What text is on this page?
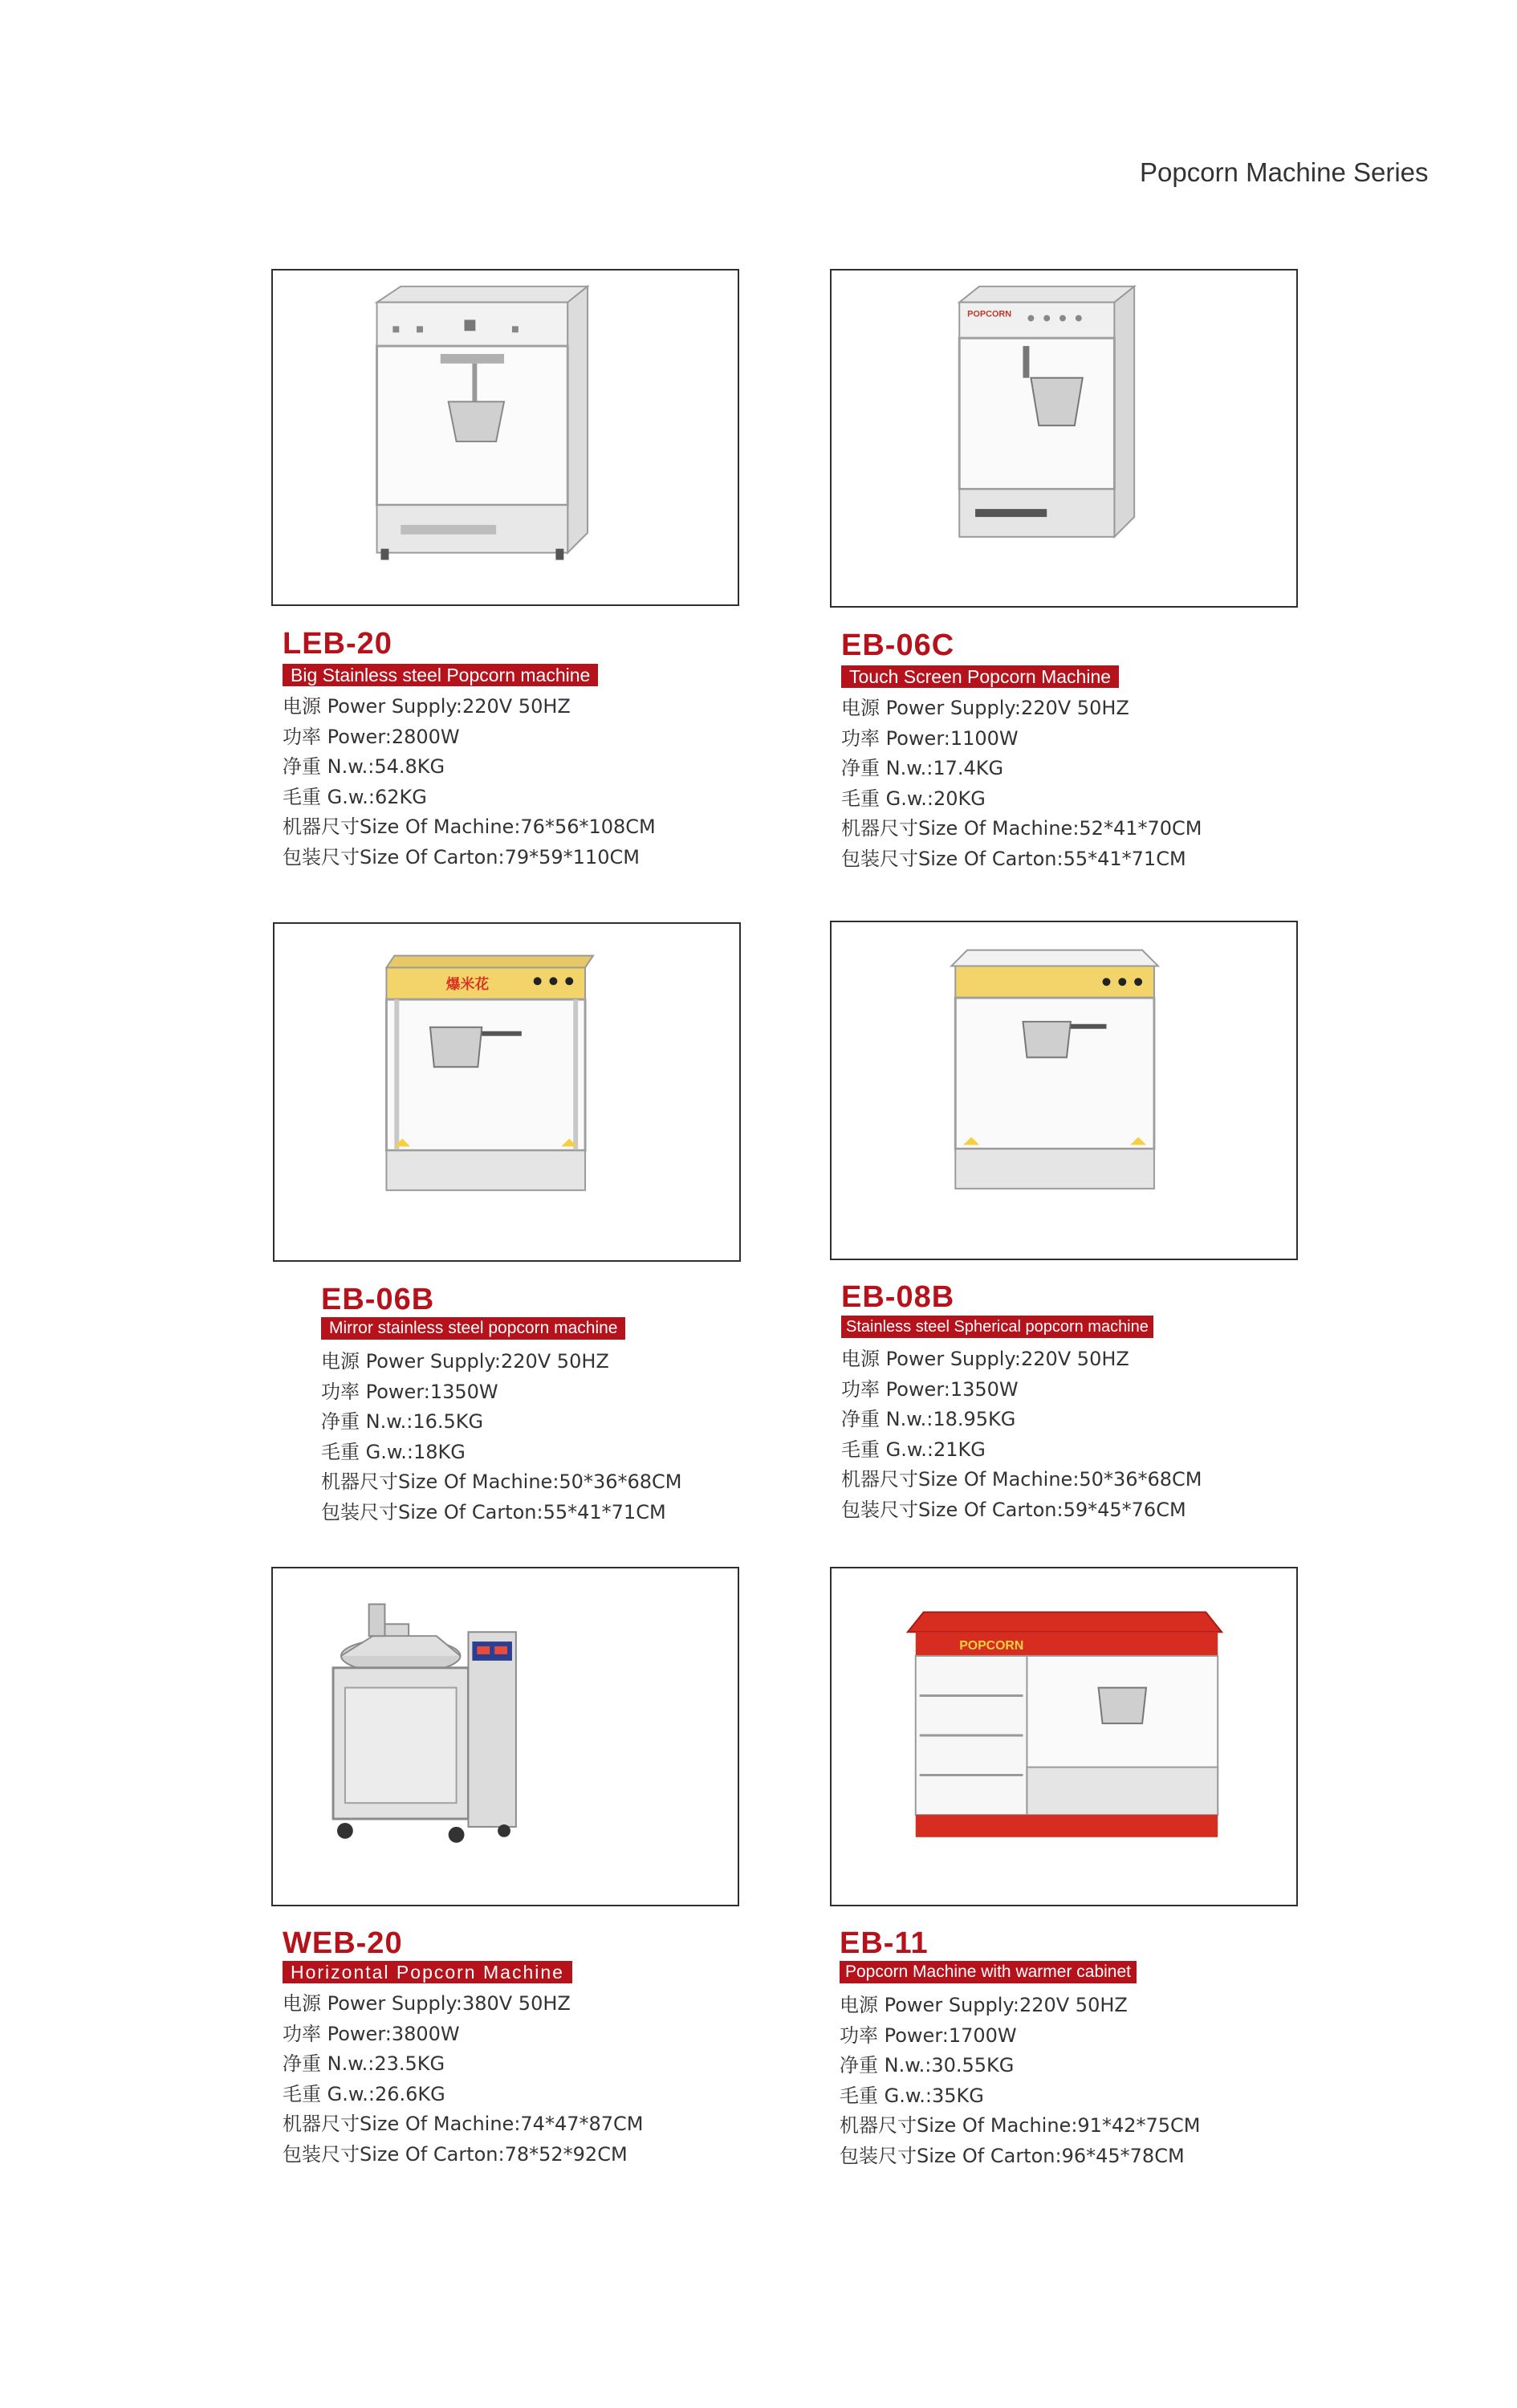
Popcorn Machine Series
LEB-20
Big Stainless steel Popcorn machine
电源 Power Supply:220V 50HZ
功率 Power:2800W
净重 N.w.:54.8KG
毛重 G.w.:62KG
机器尺寸Size Of Machine:76*56*108CM
包装尺寸Size Of Carton:79*59*110CM
POPCORN
EB-06C
Touch Screen Popcorn Machine
电源 Power Supply:220V 50HZ
功率 Power:1100W
净重 N.w.:17.4KG
毛重 G.w.:20KG
机器尺寸Size Of Machine:52*41*70CM
包装尺寸Size Of Carton:55*41*71CM
爆米花
EB-06B
Mirror stainless steel popcorn machine
电源 Power Supply:220V 50HZ
功率 Power:1350W
净重 N.w.:16.5KG
毛重 G.w.:18KG
机器尺寸Size Of Machine:50*36*68CM
包装尺寸Size Of Carton:55*41*71CM
EB-08B
Stainless steel Spherical popcorn machine
电源 Power Supply:220V 50HZ
功率 Power:1350W
净重 N.w.:18.95KG
毛重 G.w.:21KG
机器尺寸Size Of Machine:50*36*68CM
包装尺寸Size Of Carton:59*45*76CM
WEB-20
Horizontal Popcorn Machine
电源 Power Supply:380V 50HZ
功率 Power:3800W
净重 N.w.:23.5KG
毛重 G.w.:26.6KG
机器尺寸Size Of Machine:74*47*87CM
包装尺寸Size Of Carton:78*52*92CM
POPCORN
EB-11
Popcorn Machine with warmer cabinet
电源 Power Supply:220V 50HZ
功率 Power:1700W
净重 N.w.:30.55KG
毛重 G.w.:35KG
机器尺寸Size Of Machine:91*42*75CM
包装尺寸Size Of Carton:96*45*78CM
